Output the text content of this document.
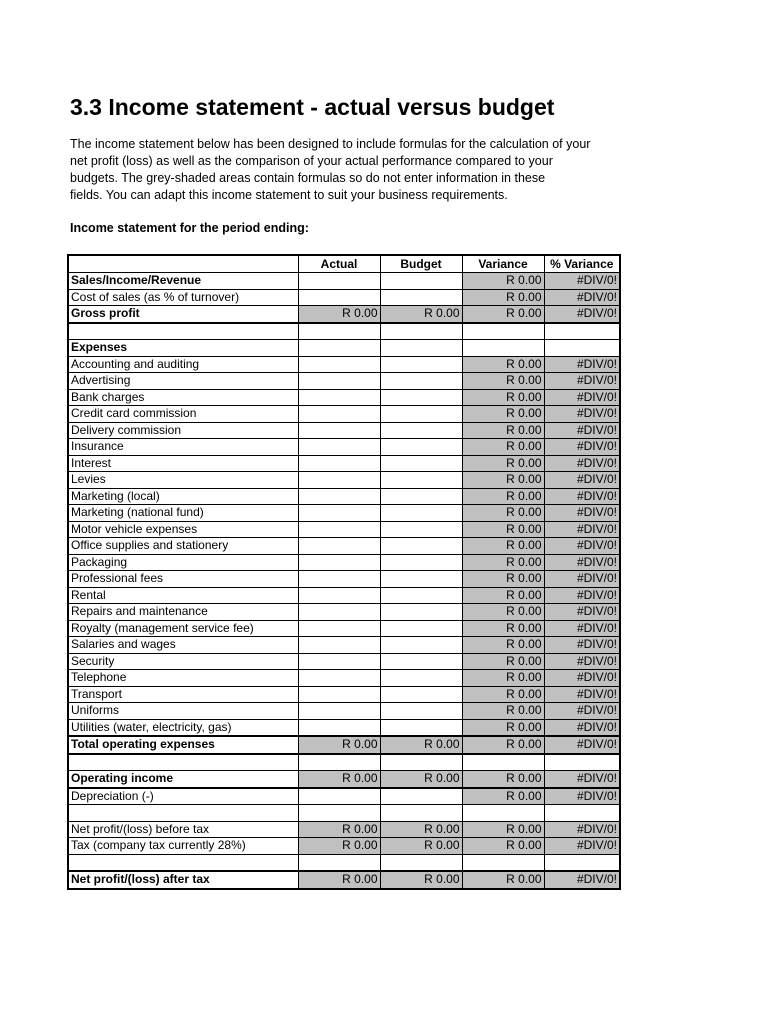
3.3 Income statement - actual versus budget

The income statement below has been designed to include formulas for the calculation of your
net profit (loss) as well as the comparison of your actual performance compared to your
budgets. The grey-shaded areas contain formulas so do not enter information in these
fields. You can adapt this income statement to suit your business requirements.

Income statement for the period ending:

	Actual	Budget	Variance	% Variance
Sales/Income/Revenue			R 0.00	#DIV/0!
Cost of sales (as % of turnover)			R 0.00	#DIV/0!
Gross profit	R 0.00	R 0.00	R 0.00	#DIV/0!

Expenses				
Accounting and auditing			R 0.00	#DIV/0!
Advertising			R 0.00	#DIV/0!
Bank charges			R 0.00	#DIV/0!
Credit card commission			R 0.00	#DIV/0!
Delivery commission			R 0.00	#DIV/0!
Insurance			R 0.00	#DIV/0!
Interest			R 0.00	#DIV/0!
Levies			R 0.00	#DIV/0!
Marketing (local)			R 0.00	#DIV/0!
Marketing (national fund)			R 0.00	#DIV/0!
Motor vehicle expenses			R 0.00	#DIV/0!
Office supplies and stationery			R 0.00	#DIV/0!
Packaging			R 0.00	#DIV/0!
Professional fees			R 0.00	#DIV/0!
Rental			R 0.00	#DIV/0!
Repairs and maintenance			R 0.00	#DIV/0!
Royalty (management service fee)			R 0.00	#DIV/0!
Salaries and wages			R 0.00	#DIV/0!
Security			R 0.00	#DIV/0!
Telephone			R 0.00	#DIV/0!
Transport			R 0.00	#DIV/0!
Uniforms			R 0.00	#DIV/0!
Utilities (water, electricity, gas)			R 0.00	#DIV/0!
Total operating expenses	R 0.00	R 0.00	R 0.00	#DIV/0!

Operating income	R 0.00	R 0.00	R 0.00	#DIV/0!
Depreciation (-)			R 0.00	#DIV/0!

Net profit/(loss) before tax	R 0.00	R 0.00	R 0.00	#DIV/0!
Tax (company tax currently 28%)	R 0.00	R 0.00	R 0.00	#DIV/0!

Net profit/(loss) after tax	R 0.00	R 0.00	R 0.00	#DIV/0!
